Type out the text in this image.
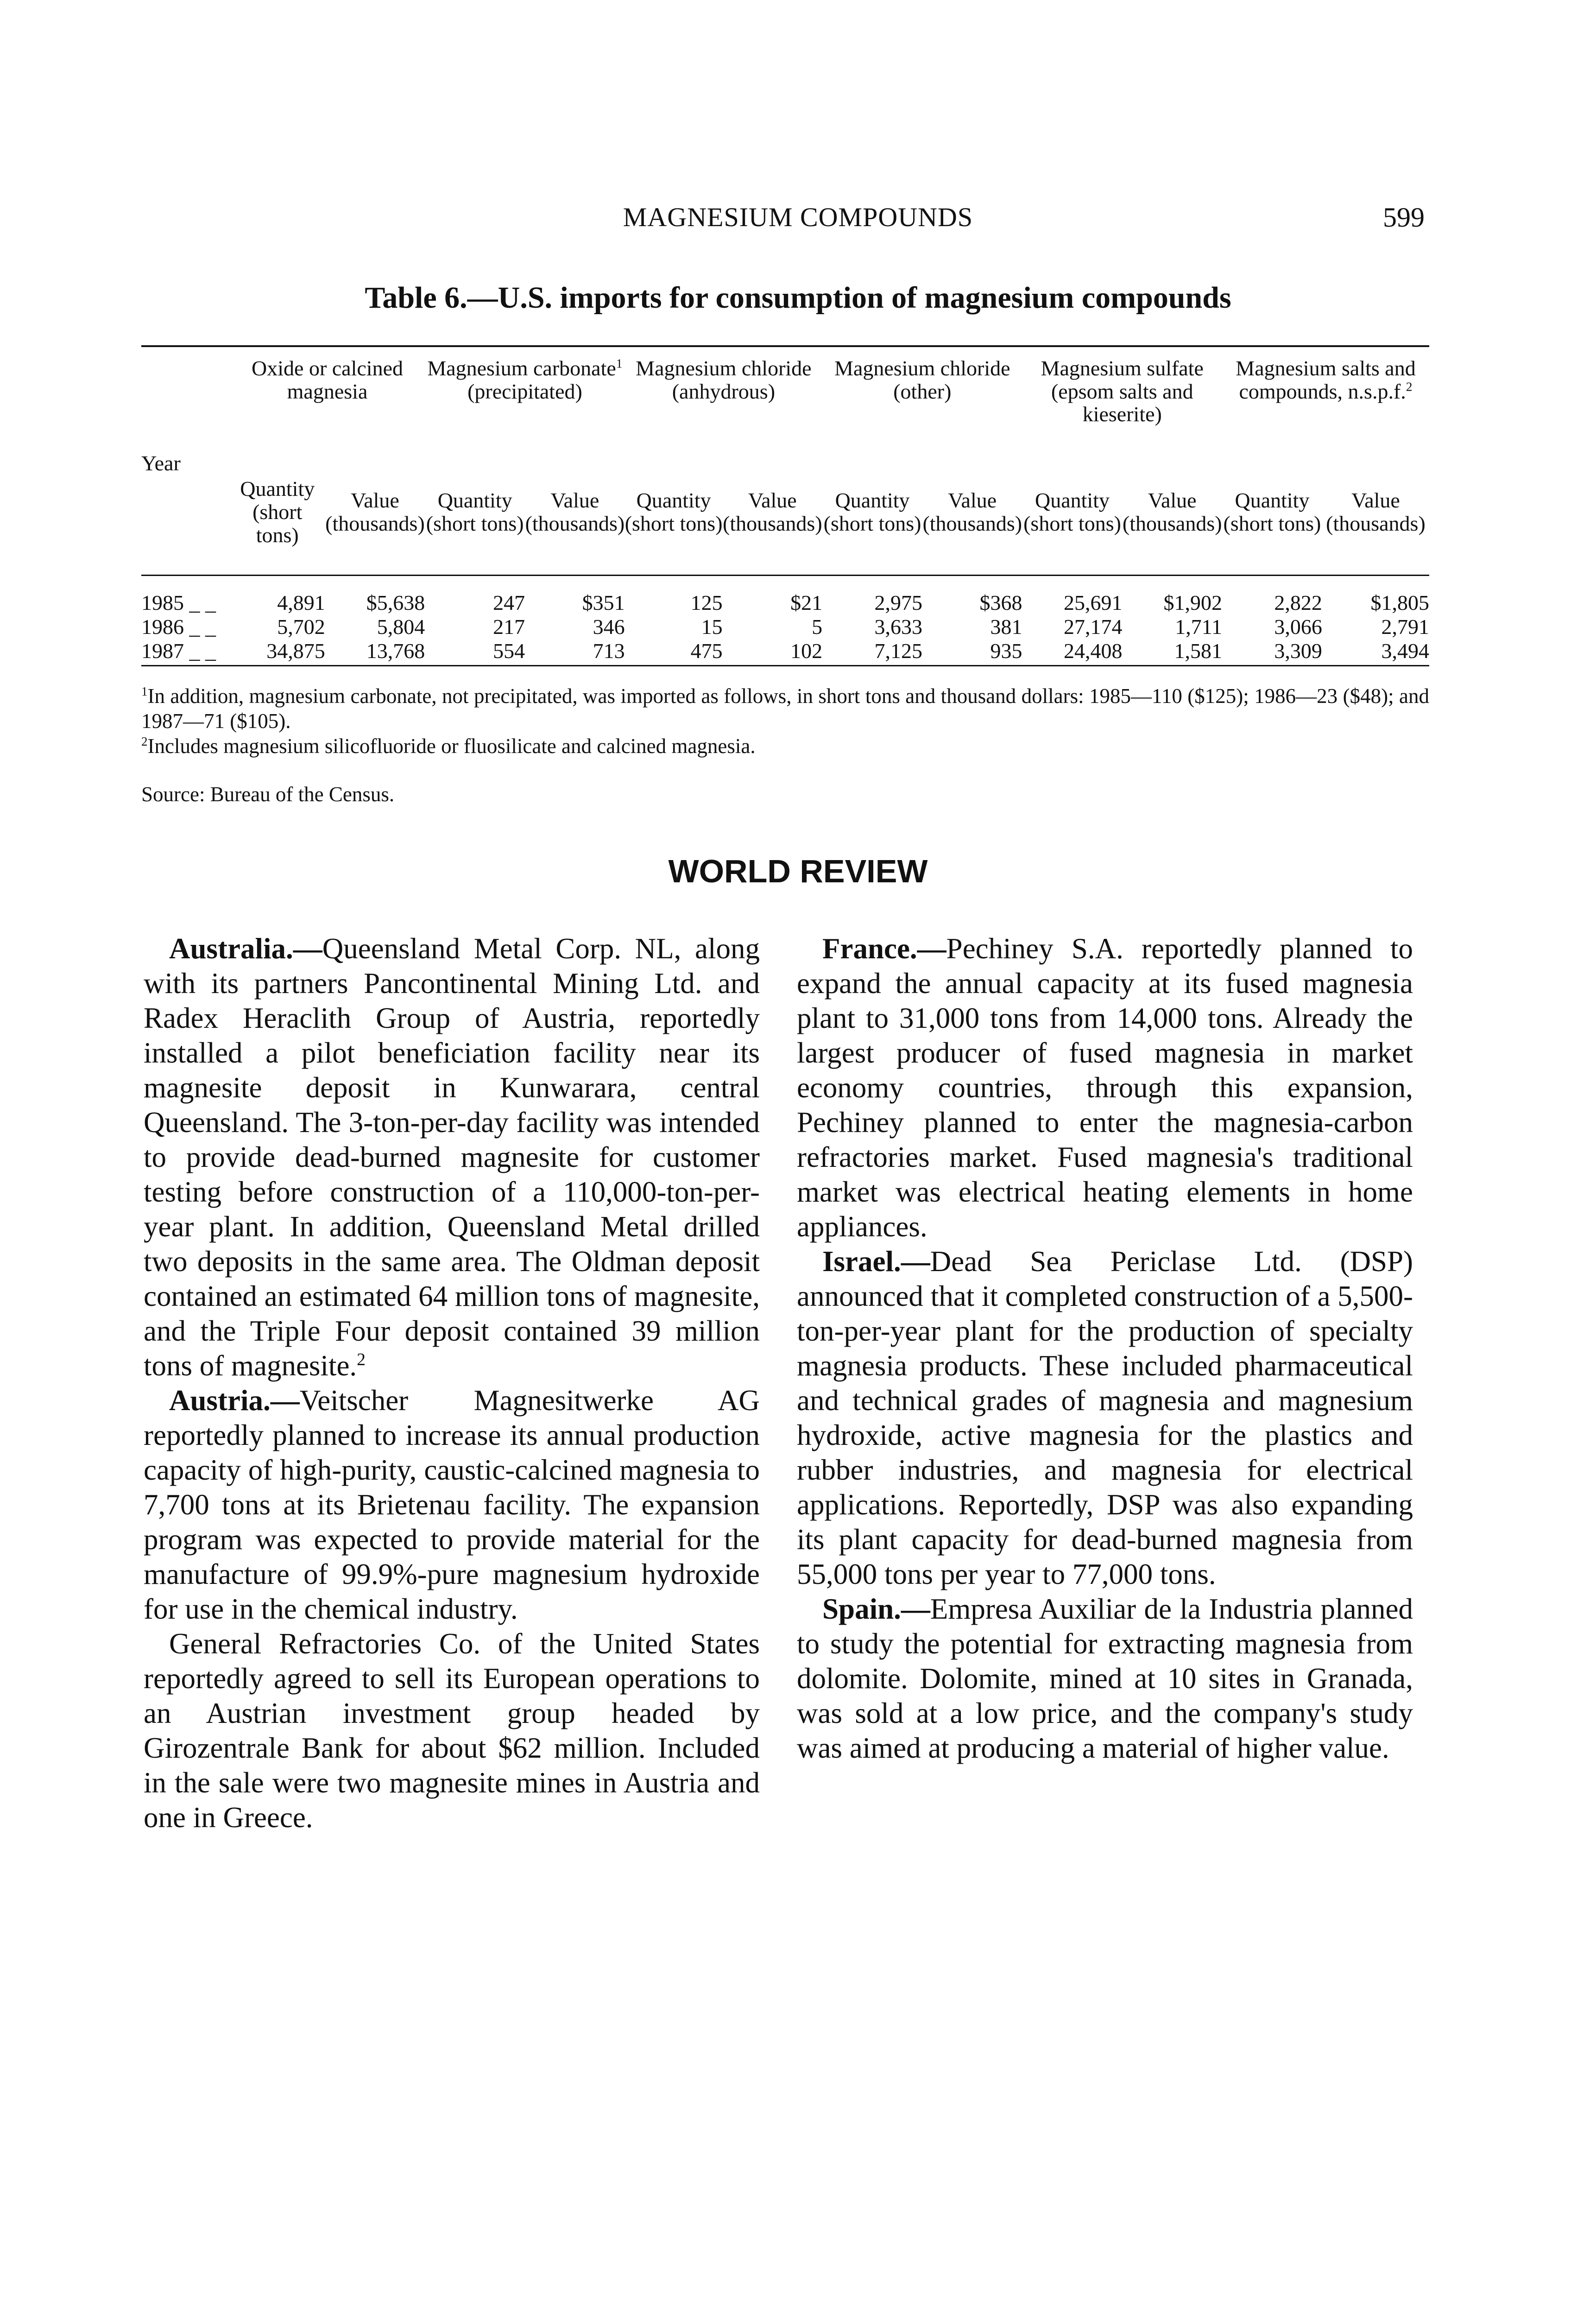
MAGNESIUM COMPOUNDS	599
Table 6.—U.S. imports for consumption of magnesium compounds
Year	Oxide or calcined magnesia		Magnesium carbonate$^1$
(precipitated)		Magnesium chloride (anhydrous)		Magnesium chloride (other)		Magnesium sulfate (epsom salts and kieserite)		Magnesium salts and compounds, n.s.p.f.$^2$
	Quantity (short tons)	Value (thousands)	Quantity (short tons)	Value (thousands)	Quantity (short tons)	Value (thousands)	Quantity (short tons)	Value (thousands)	Quantity (short tons)	Value (thousands)	Quantity (short tons)	Value (thousands)
1985 _ _	4,891	$5,638	247	$351	125	$21	2,975	$368	25,691	$1,902	2,822	$1,805
1986 _ _	5,702	5,804	217	346	15	5	3,633	381	27,174	1,711	3,066	2,791
1987 _ _	34,875	13,768	554	713	475	102	7,125	935	24,408	1,581	3,309	3,494

$^1$In addition, magnesium carbonate, not precipitated, was imported as follows, in short tons and thousand dollars: 1985—110 ($125); 1986—23 ($48); and 1987—71 ($105).

$^2$Includes magnesium silicofluoride or fluosilicate and calcined magnesia.

Source: Bureau of the Census.

WORLD REVIEW

Australia.—Queensland Metal Corp. NL, along with its partners Pancontinental Mining Ltd. and Radex Heraclith Group of Austria, reportedly installed a pilot beneficiation facility near its magnesite deposit in Kunwarara, central Queensland. The 3-ton-per-day facility was intended to provide dead-burned magnesite for customer testing before construction of a 110,000-ton-per-year plant. In addition, Queensland Metal drilled two deposits in the same area. The Oldman deposit contained an estimated 64 million tons of magnesite, and the Triple Four deposit contained 39 million tons of magnesite.$^2$

Austria.—Veitscher Magnesitwerke AG reportedly planned to increase its annual production capacity of high-purity, caustic-calcined magnesia to 7,700 tons at its Brietenau facility. The expansion program was expected to provide material for the manufacture of 99.9%-pure magnesium hydroxide for use in the chemical industry.

General Refractories Co. of the United States reportedly agreed to sell its European operations to an Austrian investment group headed by Girozentrale Bank for about $62 million. Included in the sale were two magnesite mines in Austria and one in Greece.

France.—Pechiney S.A. reportedly planned to expand the annual capacity at its fused magnesia plant to 31,000 tons from 14,000 tons. Already the largest producer of fused magnesia in market economy countries, through this expansion, Pechiney planned to enter the magnesia-carbon refractories market. Fused magnesia's traditional market was electrical heating elements in home appliances.

Israel.—Dead Sea Periclase Ltd. (DSP) announced that it completed construction of a 5,500-ton-per-year plant for the production of specialty magnesia products. These included pharmaceutical and technical grades of magnesia and magnesium hydroxide, active magnesia for the plastics and rubber industries, and magnesia for electrical applications. Reportedly, DSP was also expanding its plant capacity for dead-burned magnesia from 55,000 tons per year to 77,000 tons.

Spain.—Empresa Auxiliar de la Industria planned to study the potential for extracting magnesia from dolomite. Dolomite, mined at 10 sites in Granada, was sold at a low price, and the company's study was aimed at producing a material of higher value.
